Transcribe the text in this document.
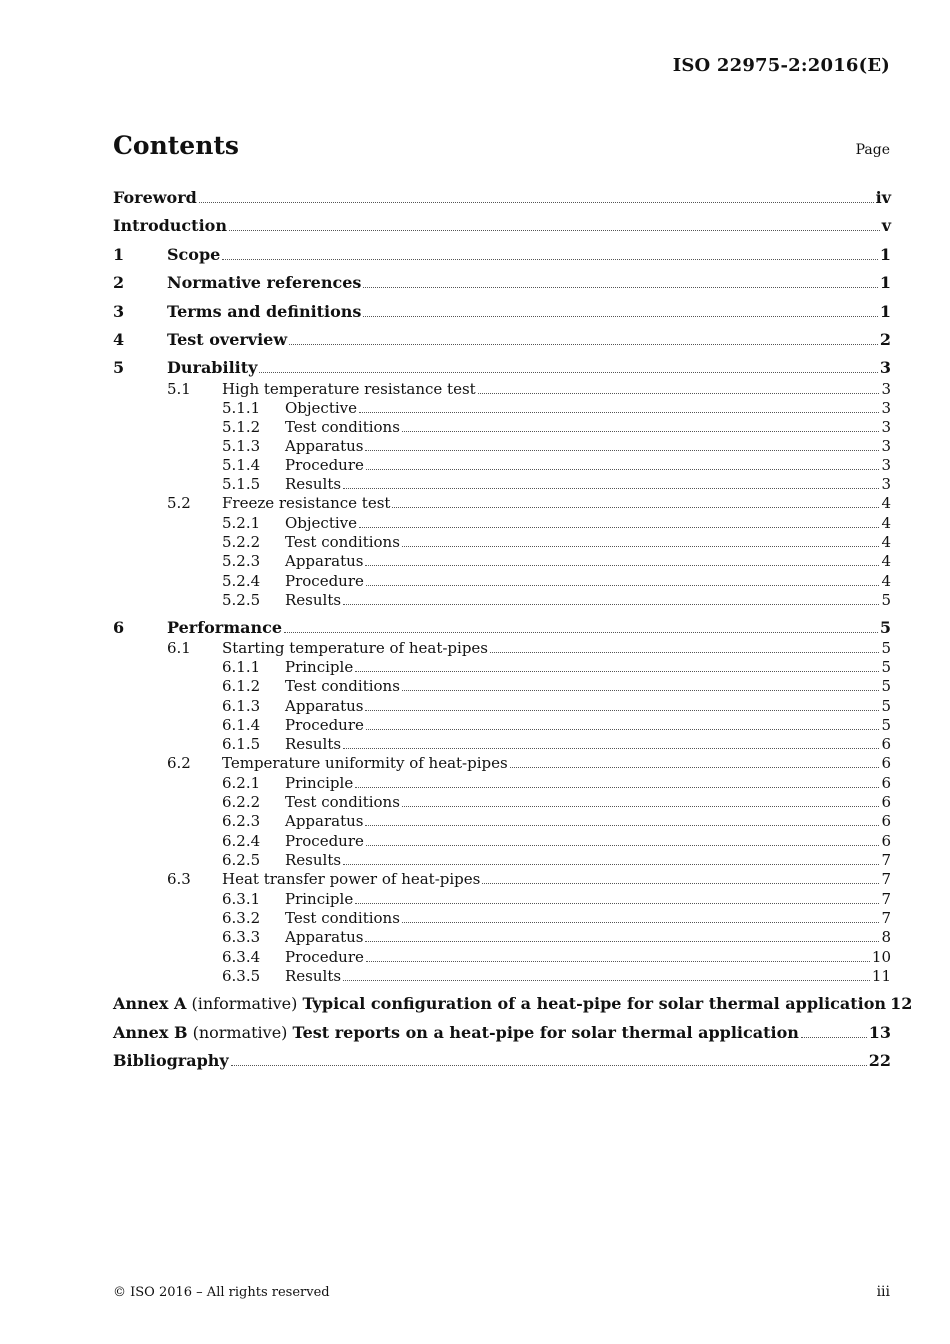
ISO 22975-2:2016(E)
Contents	Page
Foreword	iv
Introduction	v
1	Scope	1
2	Normative references	1
3	Terms and definitions	1
4	Test overview	2
5	Durability	3
5.1	High temperature resistance test	3
5.1.1	Objective	3
5.1.2	Test conditions	3
5.1.3	Apparatus	3
5.1.4	Procedure	3
5.1.5	Results	3
5.2	Freeze resistance test	4
5.2.1	Objective	4
5.2.2	Test conditions	4
5.2.3	Apparatus	4
5.2.4	Procedure	4
5.2.5	Results	5
6	Performance	5
6.1	Starting temperature of heat-pipes	5
6.1.1	Principle	5
6.1.2	Test conditions	5
6.1.3	Apparatus	5
6.1.4	Procedure	5
6.1.5	Results	6
6.2	Temperature uniformity of heat-pipes	6
6.2.1	Principle	6
6.2.2	Test conditions	6
6.2.3	Apparatus	6
6.2.4	Procedure	6
6.2.5	Results	7
6.3	Heat transfer power of heat-pipes	7
6.3.1	Principle	7
6.3.2	Test conditions	7
6.3.3	Apparatus	8
6.3.4	Procedure	10
6.3.5	Results	11
Annex A (informative) Typical configuration of a heat-pipe for solar thermal application 12
Annex B (normative) Test reports on a heat-pipe for solar thermal application	13
Bibliography	22
© ISO 2016 – All rights reserved	iii
